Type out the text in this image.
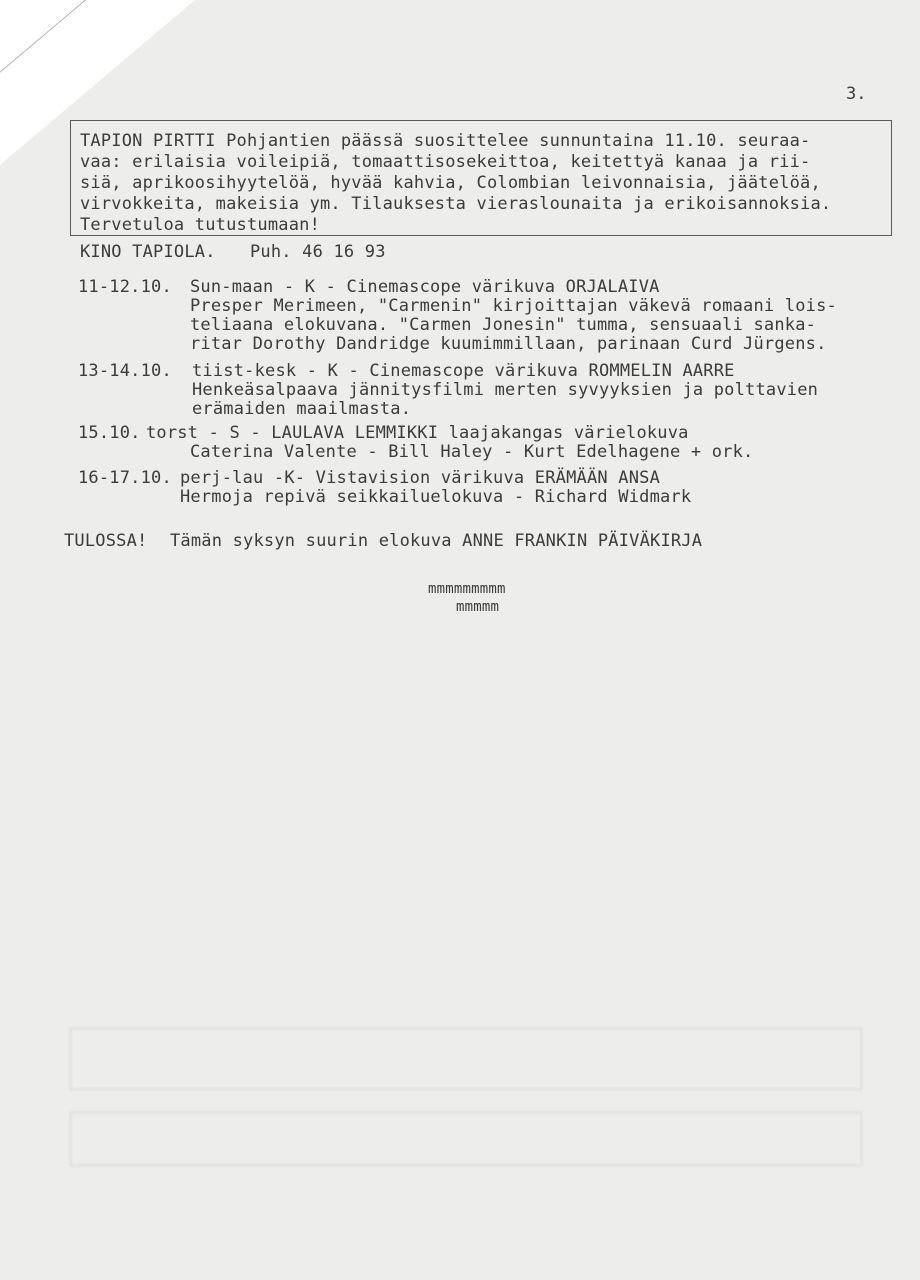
3.
TAPION PIRTTI Pohjantien päässä suosittelee sunnuntaina 11.10. seuraa-
vaa: erilaisia voileipiä, tomaattisosekeittoa, keitettyä kanaa ja rii-
siä, aprikoosihyytelöä, hyvää kahvia, Colombian leivonnaisia, jäätelöä,
virvokkeita, makeisia ym. Tilauksesta vieraslounaita ja erikoisannoksia.
Tervetuloa tutustumaan!
KINO TAPIOLA. Puh. 46 16 93
11-12.10. Sun-maan - K - Cinemascope värikuva ORJALAIVA
Presper Merimeen, "Carmenin" kirjoittajan väkevä romaani lois-
teliaana elokuvana. "Carmen Jonesin" tumma, sensuaali sanka-
ritar Dorothy Dandridge kuumimmillaan, parinaan Curd Jürgens.
13-14.10. tiist-kesk - K - Cinemascope värikuva ROMMELIN AARRE
Henkeäsalpaava jännitysfilmi merten syvyyksien ja polttavien
erämaiden maailmasta.
15.10. torst - S - LAULAVA LEMMIKKI laajakangas värielokuva
Caterina Valente - Bill Haley - Kurt Edelhagene + ork.
16-17.10. perj-lau -K- Vistavision värikuva ERÄMÄÄN ANSA
Hermoja repivä seikkailuelokuva - Richard Widmark
TULOSSA! Tämän syksyn suurin elokuva ANNE FRANKIN PÄIVÄKIRJA
mmmmmmmmm
mmmmm
